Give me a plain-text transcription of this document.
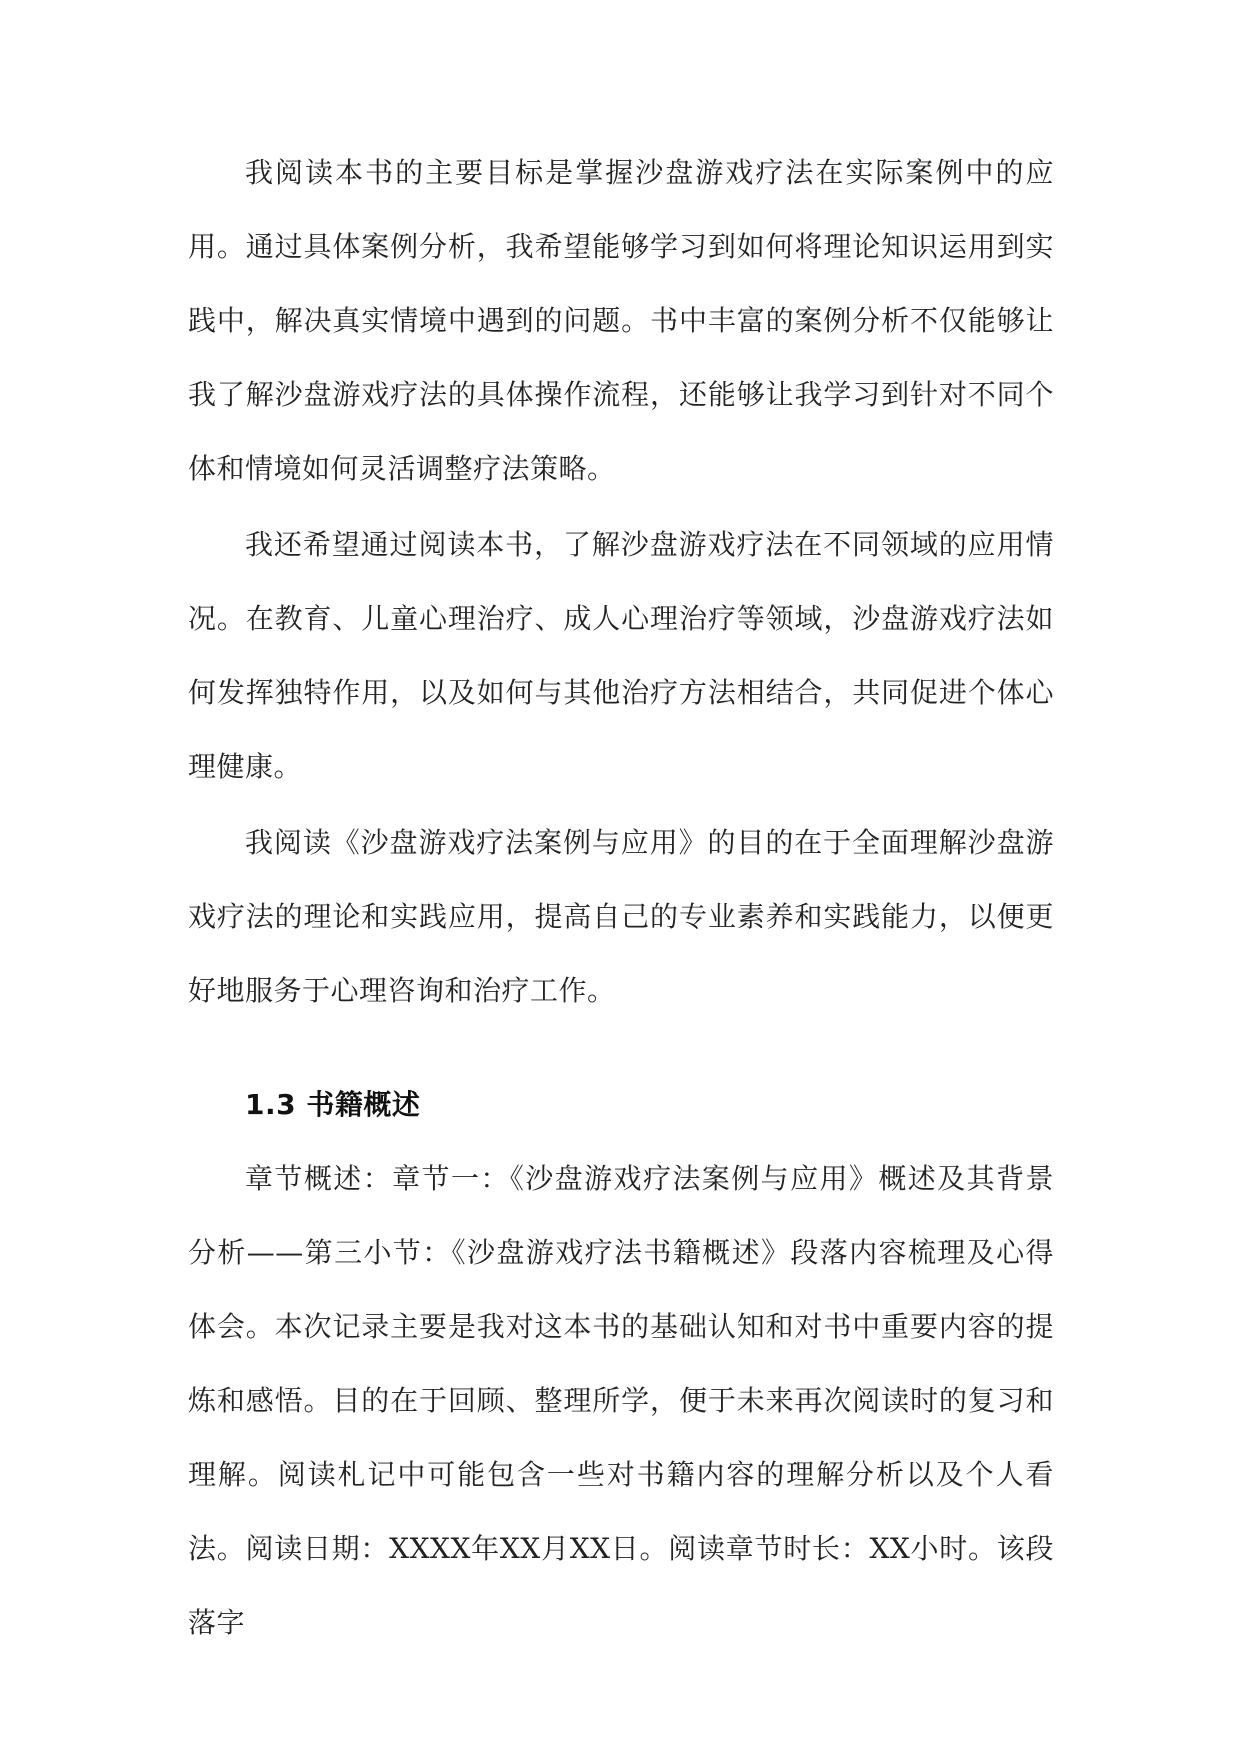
我阅读本书的主要目标是掌握沙盘游戏疗法在实际案例中的应用。通过具体案例分析，我希望能够学习到如何将理论知识运用到实践中，解决真实情境中遇到的问题。书中丰富的案例分析不仅能够让我了解沙盘游戏疗法的具体操作流程，还能够让我学习到针对不同个体和情境如何灵活调整疗法策略。

我还希望通过阅读本书，了解沙盘游戏疗法在不同领域的应用情况。在教育、儿童心理治疗、成人心理治疗等领域，沙盘游戏疗法如何发挥独特作用，以及如何与其他治疗方法相结合，共同促进个体心理健康。

我阅读《沙盘游戏疗法案例与应用》的目的在于全面理解沙盘游戏疗法的理论和实践应用，提高自己的专业素养和实践能力，以便更好地服务于心理咨询和治疗工作。

1.3 书籍概述

章节概述：章节一：《沙盘游戏疗法案例与应用》概述及其背景分析——第三小节：《沙盘游戏疗法书籍概述》段落内容梳理及心得体会。本次记录主要是我对这本书的基础认知和对书中重要内容的提炼和感悟。目的在于回顾、整理所学，便于未来再次阅读时的复习和理解。阅读札记中可能包含一些对书籍内容的理解分析以及个人看法。阅读日期：XXXX年XX月XX日。阅读章节时长：XX小时。该段落字
